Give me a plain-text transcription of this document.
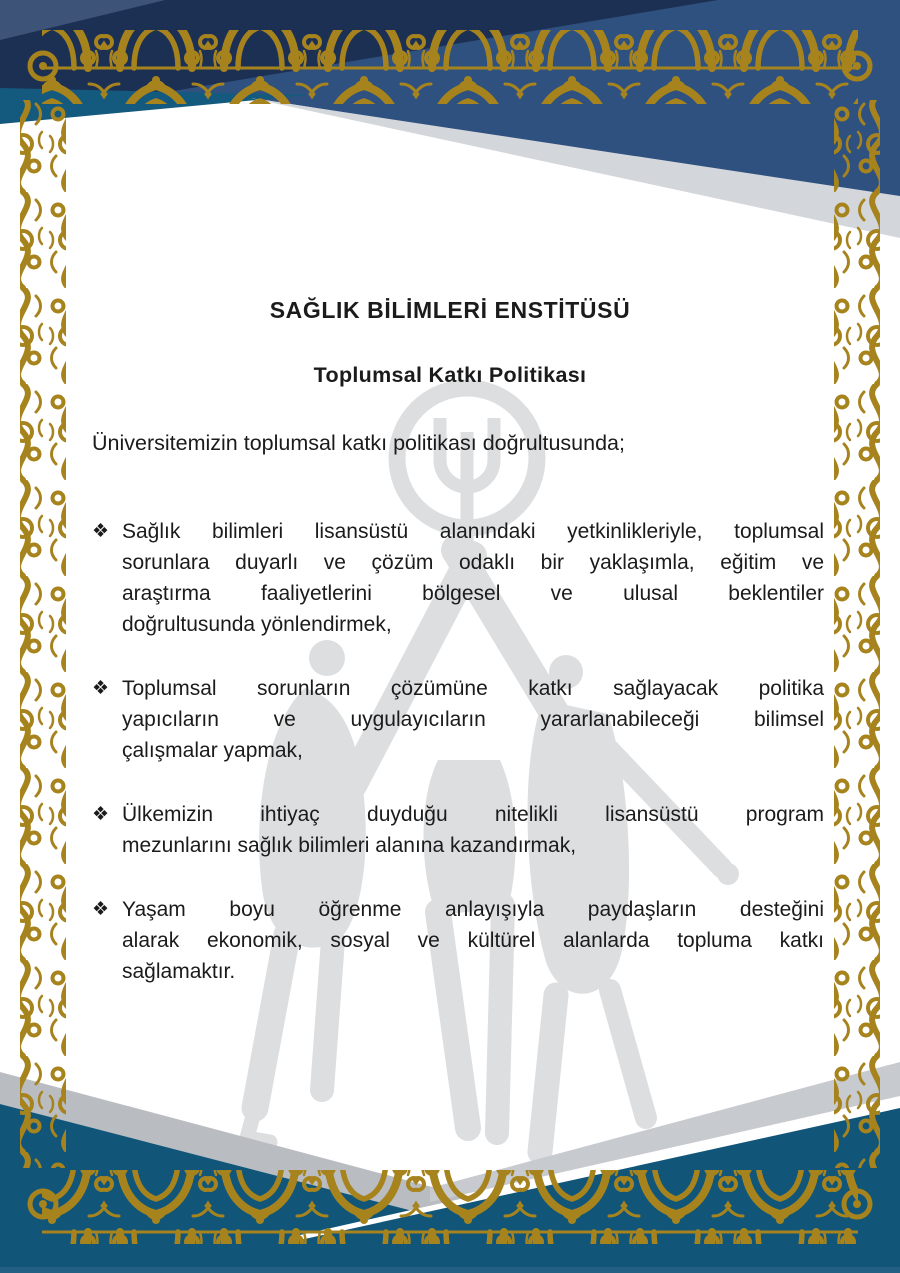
SAĞLIK BİLİMLERİ ENSTİTÜSÜ
Toplumsal Katkı Politikası
Üniversitemizin toplumsal katkı politikası doğrultusunda;
❖ Sağlık bilimleri lisansüstü alanındaki yetkinlikleriyle, toplumsal
sorunlara duyarlı ve çözüm odaklı bir yaklaşımla, eğitim ve
araştırma faaliyetlerini bölgesel ve ulusal beklentiler
doğrultusunda yönlendirmek,
❖ Toplumsal sorunların çözümüne katkı sağlayacak politika
yapıcıların ve uygulayıcıların yararlanabileceği bilimsel
çalışmalar yapmak,
❖ Ülkemizin ihtiyaç duyduğu nitelikli lisansüstü program
mezunlarını sağlık bilimleri alanına kazandırmak,
❖ Yaşam boyu öğrenme anlayışıyla paydaşların desteğini
alarak ekonomik, sosyal ve kültürel alanlarda topluma katkı
sağlamaktır.
